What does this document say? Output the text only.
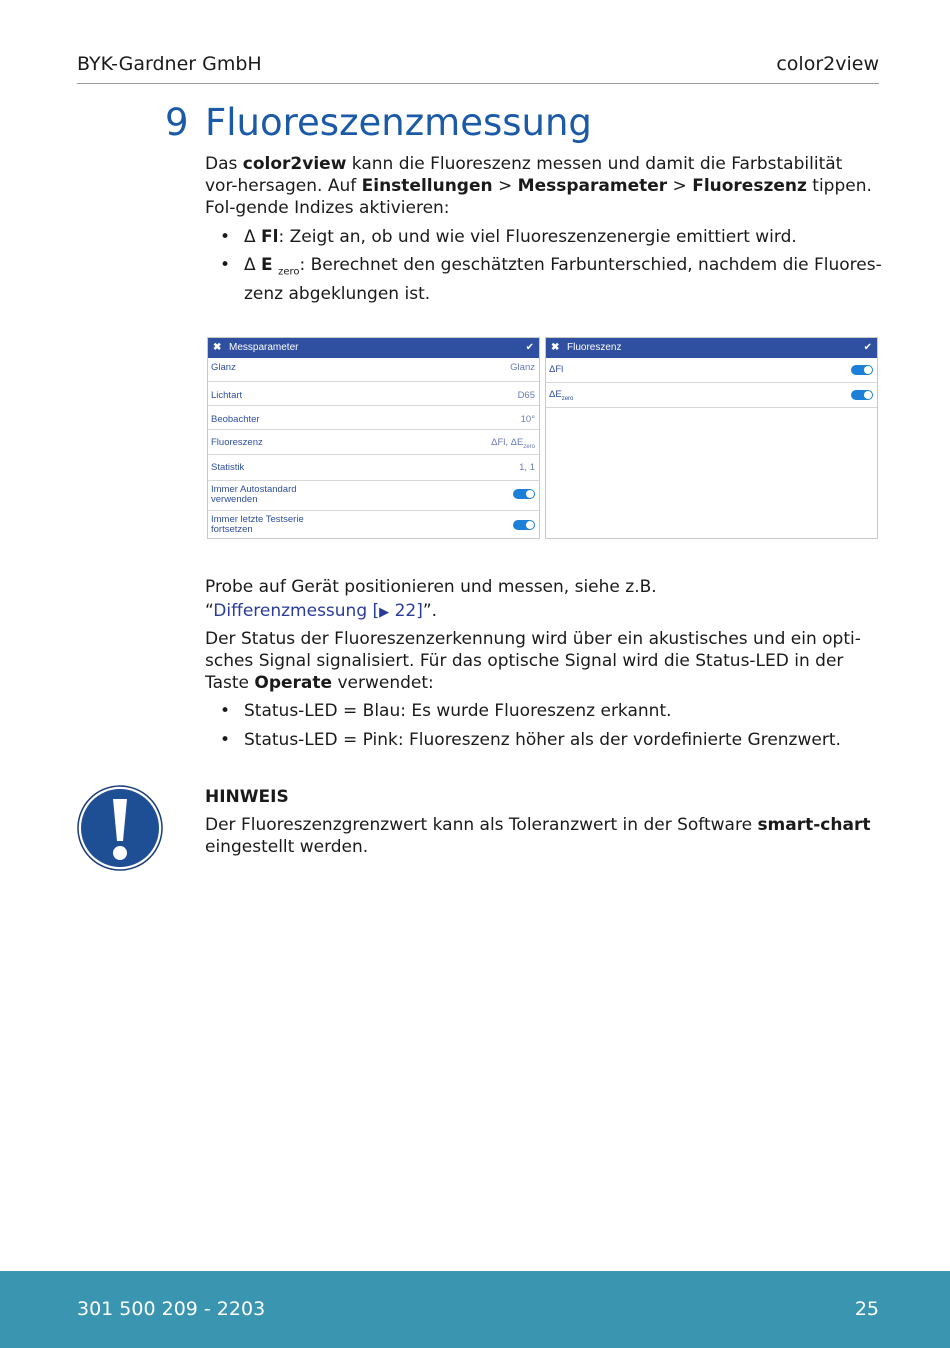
BYK-Gardner GmbH	color2view
9 Fluoreszenzmessung
Das color2view kann die Fluoreszenz messen und damit die Farbstabilität vor-hersagen. Auf Einstellungen > Messparameter > Fluoreszenz tippen. Fol-gende Indizes aktivieren:
• Δ Fl: Zeigt an, ob und wie viel Fluoreszenzenergie emittiert wird.
• Δ E $_{zero}$: Berechnet den geschätzten Farbunterschied, nachdem die Fluores-zenz abgeklungen ist.
✖ Messparameter	✔
Glanz	Glanz
Lichtart	D65
Beobachter	10°
Fluoreszenz	ΔFl, $\Delta E_{zero}$
Statistik	1, 1
Immer Autostandard verwenden
Immer letzte Testserie fortsetzen
✖ Fluoreszenz	✔
ΔFl
$\Delta E_{zero}$
Probe auf Gerät positionieren und messen, siehe z.B.
“Differenzmessung [▶ 22]”.
Der Status der Fluoreszenzerkennung wird über ein akustisches und ein opti-sches Signal signalisiert. Für das optische Signal wird die Status-LED in der Taste Operate verwendet:
• Status-LED = Blau: Es wurde Fluoreszenz erkannt.
• Status-LED = Pink: Fluoreszenz höher als der vordefinierte Grenzwert.
HINWEIS
Der Fluoreszenzgrenzwert kann als Toleranzwert in der Software smart-chart eingestellt werden.
301 500 209 - 2203	25
